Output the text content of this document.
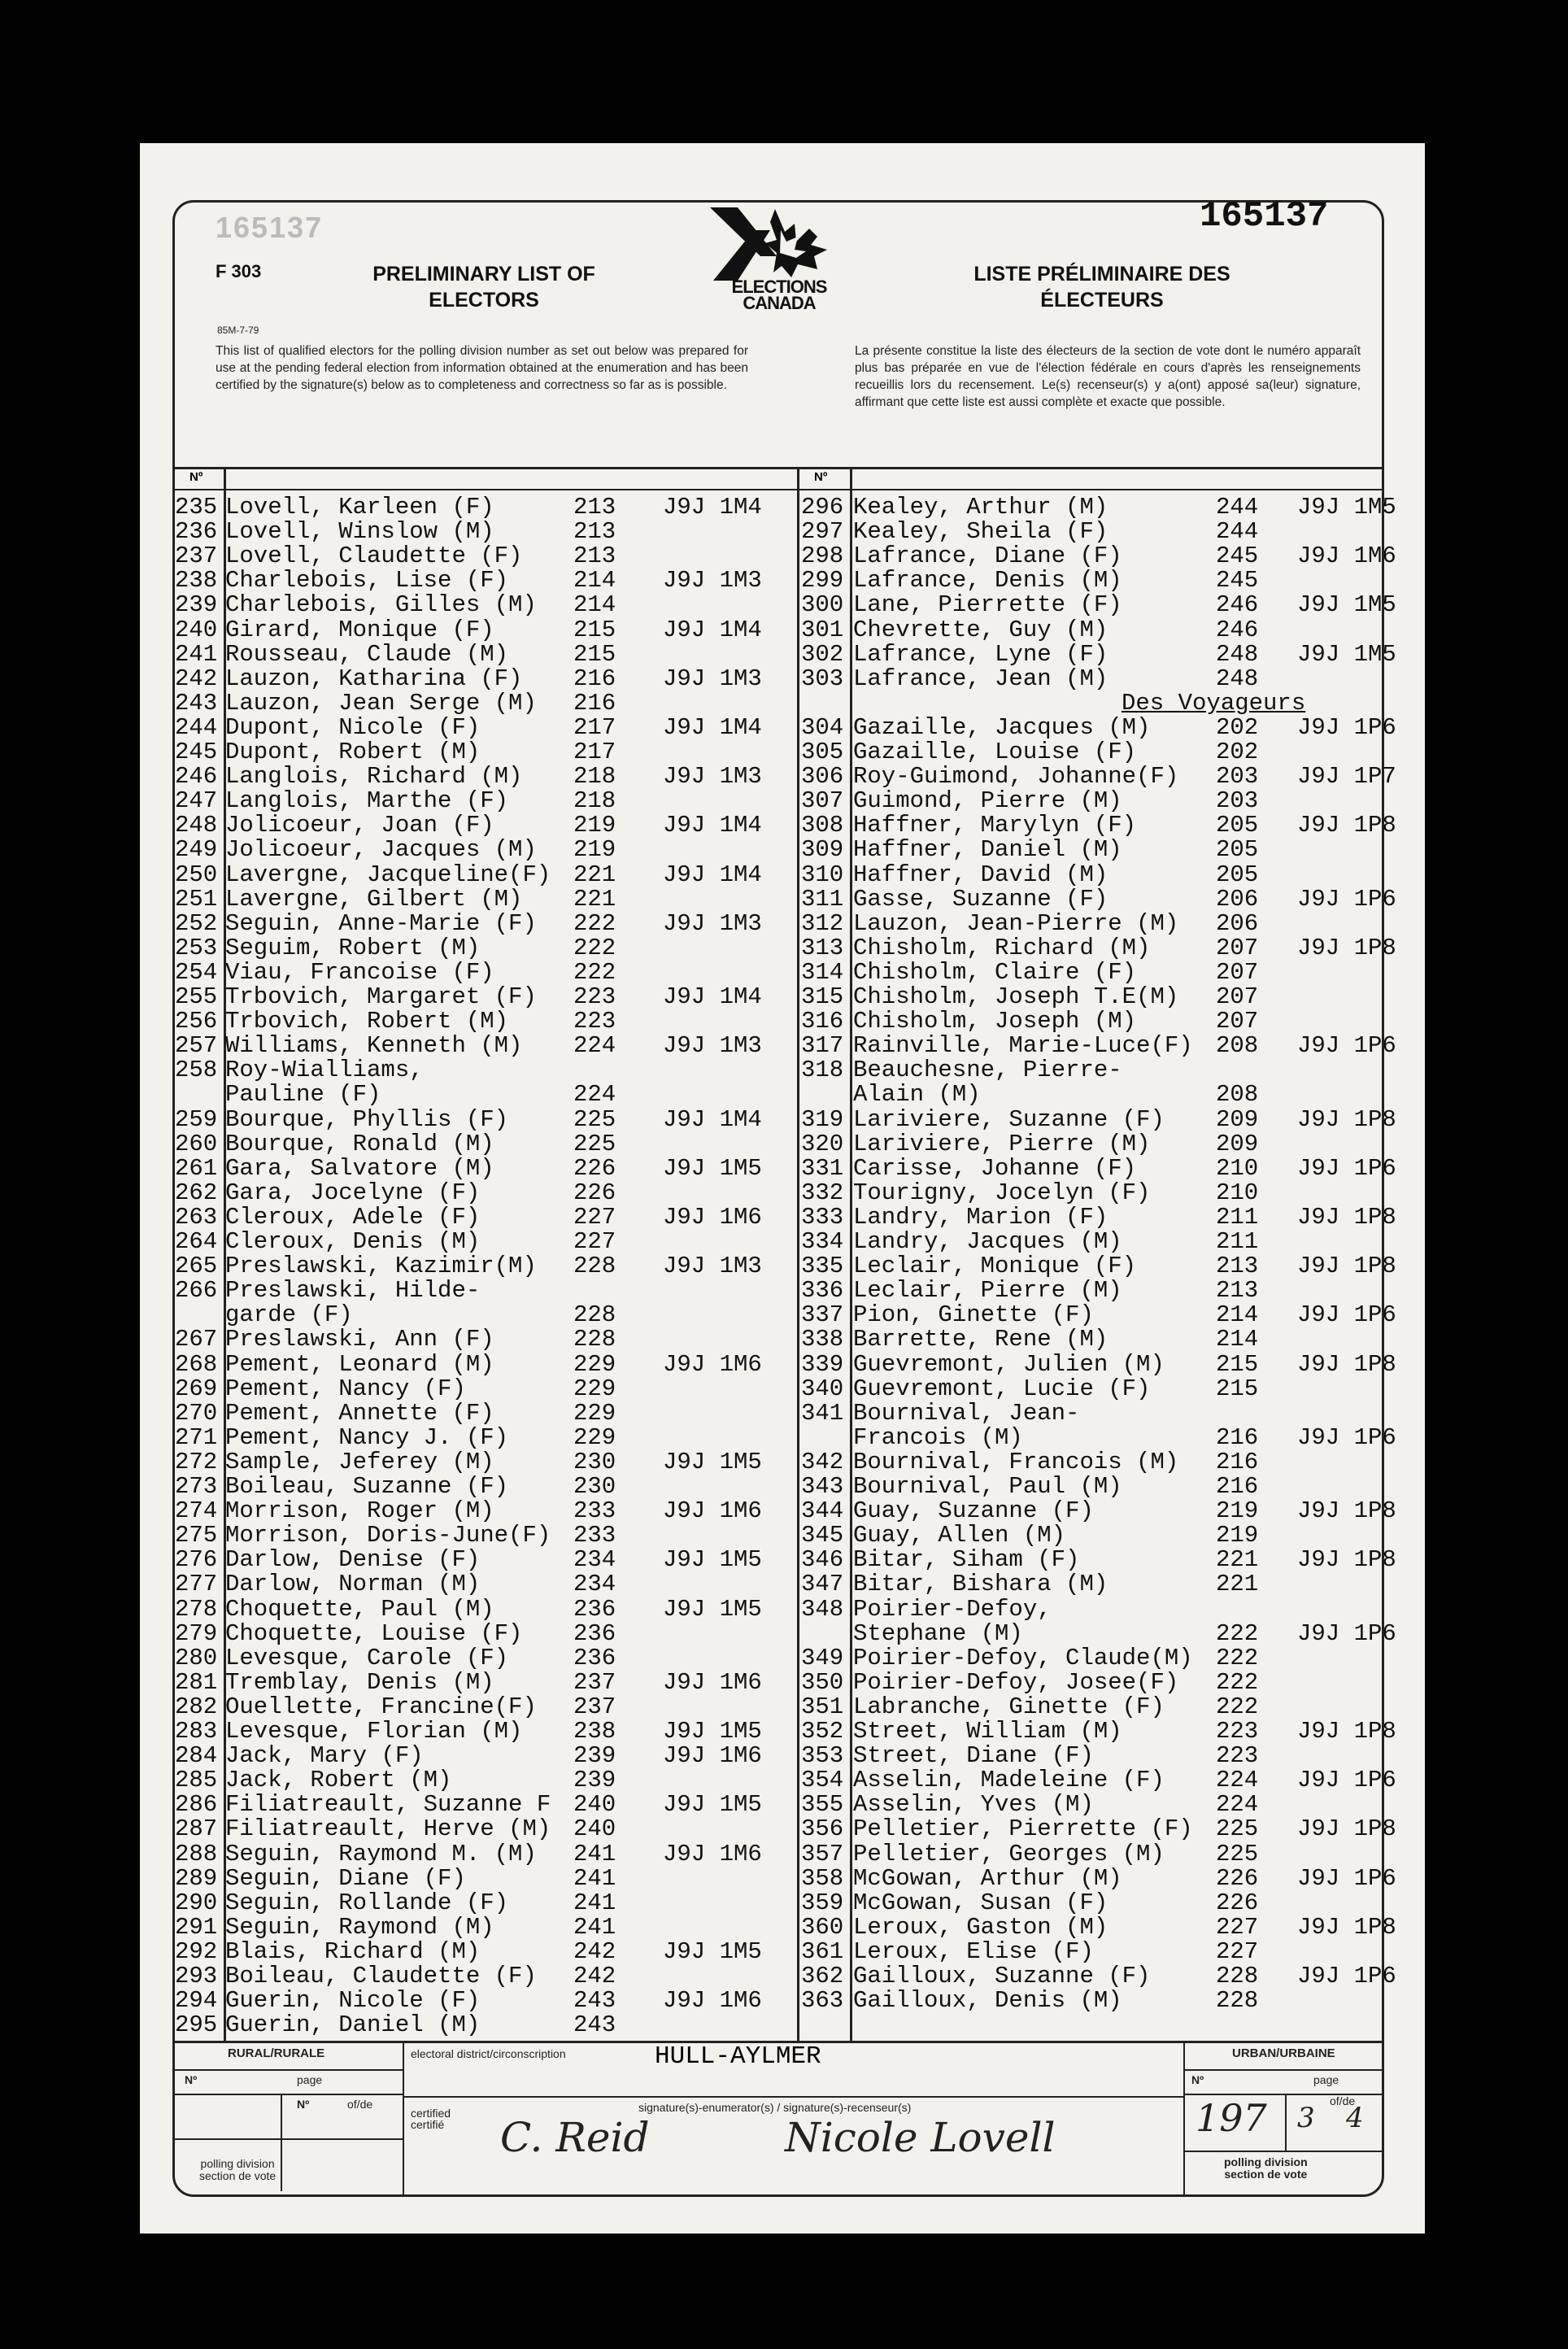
165137
165137
F 303
85M-7-79
PRELIMINARY LIST OF
ELECTORS
LISTE PRÉLIMINAIRE DES
ÉLECTEURS
ELECTIONS
CANADA
This list of qualified electors for the polling division number as set out below was prepared for use at the pending federal election from information obtained at the enumeration and has been certified by the signature(s) below as to completeness and correctness so far as is possible.
La présente constitue la liste des électeurs de la section de vote dont le numéro apparaît plus bas préparée en vue de l'élection fédérale en cours d'après les renseignements recueillis lors du recensement. Le(s) recenseur(s) y a(ont) apposé sa(leur) signature, affirmant que cette liste est aussi complète et exacte que possible.
Nº	Nº
235 Lovell, Karleen (F)	213 J9J 1M4
236 Lovell, Winslow (M)	213
237 Lovell, Claudette (F) 213
238 Charlebois, Lise (F)	214 J9J 1M3
239 Charlebois, Gilles (M) 214
240 Girard, Monique (F)	215 J9J 1M4
241 Rousseau, Claude (M)	215
242 Lauzon, Katharina (F) 216 J9J 1M3
243 Lauzon, Jean Serge (M) 216
244 Dupont, Nicole (F)	217 J9J 1M4
245 Dupont, Robert (M)	217
246 Langlois, Richard (M) 218 J9J 1M3
247 Langlois, Marthe (F)	218
248 Jolicoeur, Joan (F)	219 J9J 1M4
249 Jolicoeur, Jacques (M) 219
250 Lavergne, Jacqueline(F) 221 J9J 1M4
251 Lavergne, Gilbert (M) 221
252 Seguin, Anne-Marie (F) 222 J9J 1M3
253 Seguim, Robert (M)	222
254 Viau, Francoise (F)	222
255 Trbovich, Margaret (F) 223 J9J 1M4
256 Trbovich, Robert (M)	223
257 Williams, Kenneth (M) 224 J9J 1M3
258 Roy-Wialliams,
Pauline (F)	224
259 Bourque, Phyllis (F)	225 J9J 1M4
260 Bourque, Ronald (M)	225
261 Gara, Salvatore (M)	226 J9J 1M5
262 Gara, Jocelyne (F)	226
263 Cleroux, Adele (F)	227 J9J 1M6
264 Cleroux, Denis (M)	227
265 Preslawski, Kazimir(M) 228 J9J 1M3
266 Preslawski, Hilde-
garde (F)	228
267 Preslawski, Ann (F)	228
268 Pement, Leonard (M)	229 J9J 1M6
269 Pement, Nancy (F)	229
270 Pement, Annette (F)	229
271 Pement, Nancy J. (F)	229
272 Sample, Jeferey (M)	230 J9J 1M5
273 Boileau, Suzanne (F)	230
274 Morrison, Roger (M)	233 J9J 1M6
275 Morrison, Doris-June(F) 233
276 Darlow, Denise (F)	234 J9J 1M5
277 Darlow, Norman (M)	234
278 Choquette, Paul (M)	236 J9J 1M5
279 Choquette, Louise (F) 236
280 Levesque, Carole (F)	236
281 Tremblay, Denis (M)	237 J9J 1M6
282 Ouellette, Francine(F) 237
283 Levesque, Florian (M) 238 J9J 1M5
284 Jack, Mary (F)	239 J9J 1M6
285 Jack, Robert (M)	239
286 Filiatreault, Suzanne F 240 J9J 1M5
287 Filiatreault, Herve (M) 240
288 Seguin, Raymond M. (M) 241 J9J 1M6
289 Seguin, Diane (F)	241
290 Seguin, Rollande (F)	241
291 Seguin, Raymond (M)	241
292 Blais, Richard (M)	242 J9J 1M5
293 Boileau, Claudette (F) 242
294 Guerin, Nicole (F)	243 J9J 1M6
295 Guerin, Daniel (M)	243
296 Kealey, Arthur (M)	244 J9J 1M5
297 Kealey, Sheila (F)	244
298 Lafrance, Diane (F)	245 J9J 1M6
299 Lafrance, Denis (M)	245
300 Lane, Pierrette (F)	246 J9J 1M5
301 Chevrette, Guy (M)	246
302 Lafrance, Lyne (F)	248 J9J 1M5
303 Lafrance, Jean (M)	248
Des Voyageurs
304 Gazaille, Jacques (M)	202 J9J 1P6
305 Gazaille, Louise (F)	202
306 Roy-Guimond, Johanne(F) 203 J9J 1P7
307 Guimond, Pierre (M)	203
308 Haffner, Marylyn (F)	205 J9J 1P8
309 Haffner, Daniel (M)	205
310 Haffner, David (M)	205
311 Gasse, Suzanne (F)	206 J9J 1P6
312 Lauzon, Jean-Pierre (M) 206
313 Chisholm, Richard (M)	207 J9J 1P8
314 Chisholm, Claire (F)	207
315 Chisholm, Joseph T.E(M) 207
316 Chisholm, Joseph (M)	207
317 Rainville, Marie-Luce(F) 208 J9J 1P6
318 Beauchesne, Pierre-
Alain (M)	208
319 Lariviere, Suzanne (F) 209 J9J 1P8
320 Lariviere, Pierre (M)	209
331 Carisse, Johanne (F)	210 J9J 1P6
332 Tourigny, Jocelyn (F)	210
333 Landry, Marion (F)	211 J9J 1P8
334 Landry, Jacques (M)	211
335 Leclair, Monique (F)	213 J9J 1P8
336 Leclair, Pierre (M)	213
337 Pion, Ginette (F)	214 J9J 1P6
338 Barrette, Rene (M)	214
339 Guevremont, Julien (M) 215 J9J 1P8
340 Guevremont, Lucie (F)	215
341 Bournival, Jean-
Francois (M)	216 J9J 1P6
342 Bournival, Francois (M) 216
343 Bournival, Paul (M)	216
344 Guay, Suzanne (F)	219 J9J 1P8
345 Guay, Allen (M)	219
346 Bitar, Siham (F)	221 J9J 1P8
347 Bitar, Bishara (M)	221
348 Poirier-Defoy,
Stephane (M)	222 J9J 1P6
349 Poirier-Defoy, Claude(M) 222
350 Poirier-Defoy, Josee(F) 222
351 Labranche, Ginette (F) 222
352 Street, William (M)	223 J9J 1P8
353 Street, Diane (F)	223
354 Asselin, Madeleine (F) 224 J9J 1P6
355 Asselin, Yves (M)	224
356 Pelletier, Pierrette (F) 225 J9J 1P8
357 Pelletier, Georges (M) 225
358 McGowan, Arthur (M)	226 J9J 1P6
359 McGowan, Susan (F)	226
360 Leroux, Gaston (M)	227 J9J 1P8
361 Leroux, Elise (F)	227
362 Gailloux, Suzanne (F)	228 J9J 1P6
363 Gailloux, Denis (M)	228
RURAL/RURALE	URBAN/URBAINE
Nº	page
Nº	of/de
polling division
section de vote
Nº	page
of/de
polling division
section de vote
electoral district/circonscription	HULL-AYLMER
certified
certifié
signature(s)-enumerator(s) / signature(s)-recenseur(s)
C. Reid	Nicole Lovell	197 3 4
